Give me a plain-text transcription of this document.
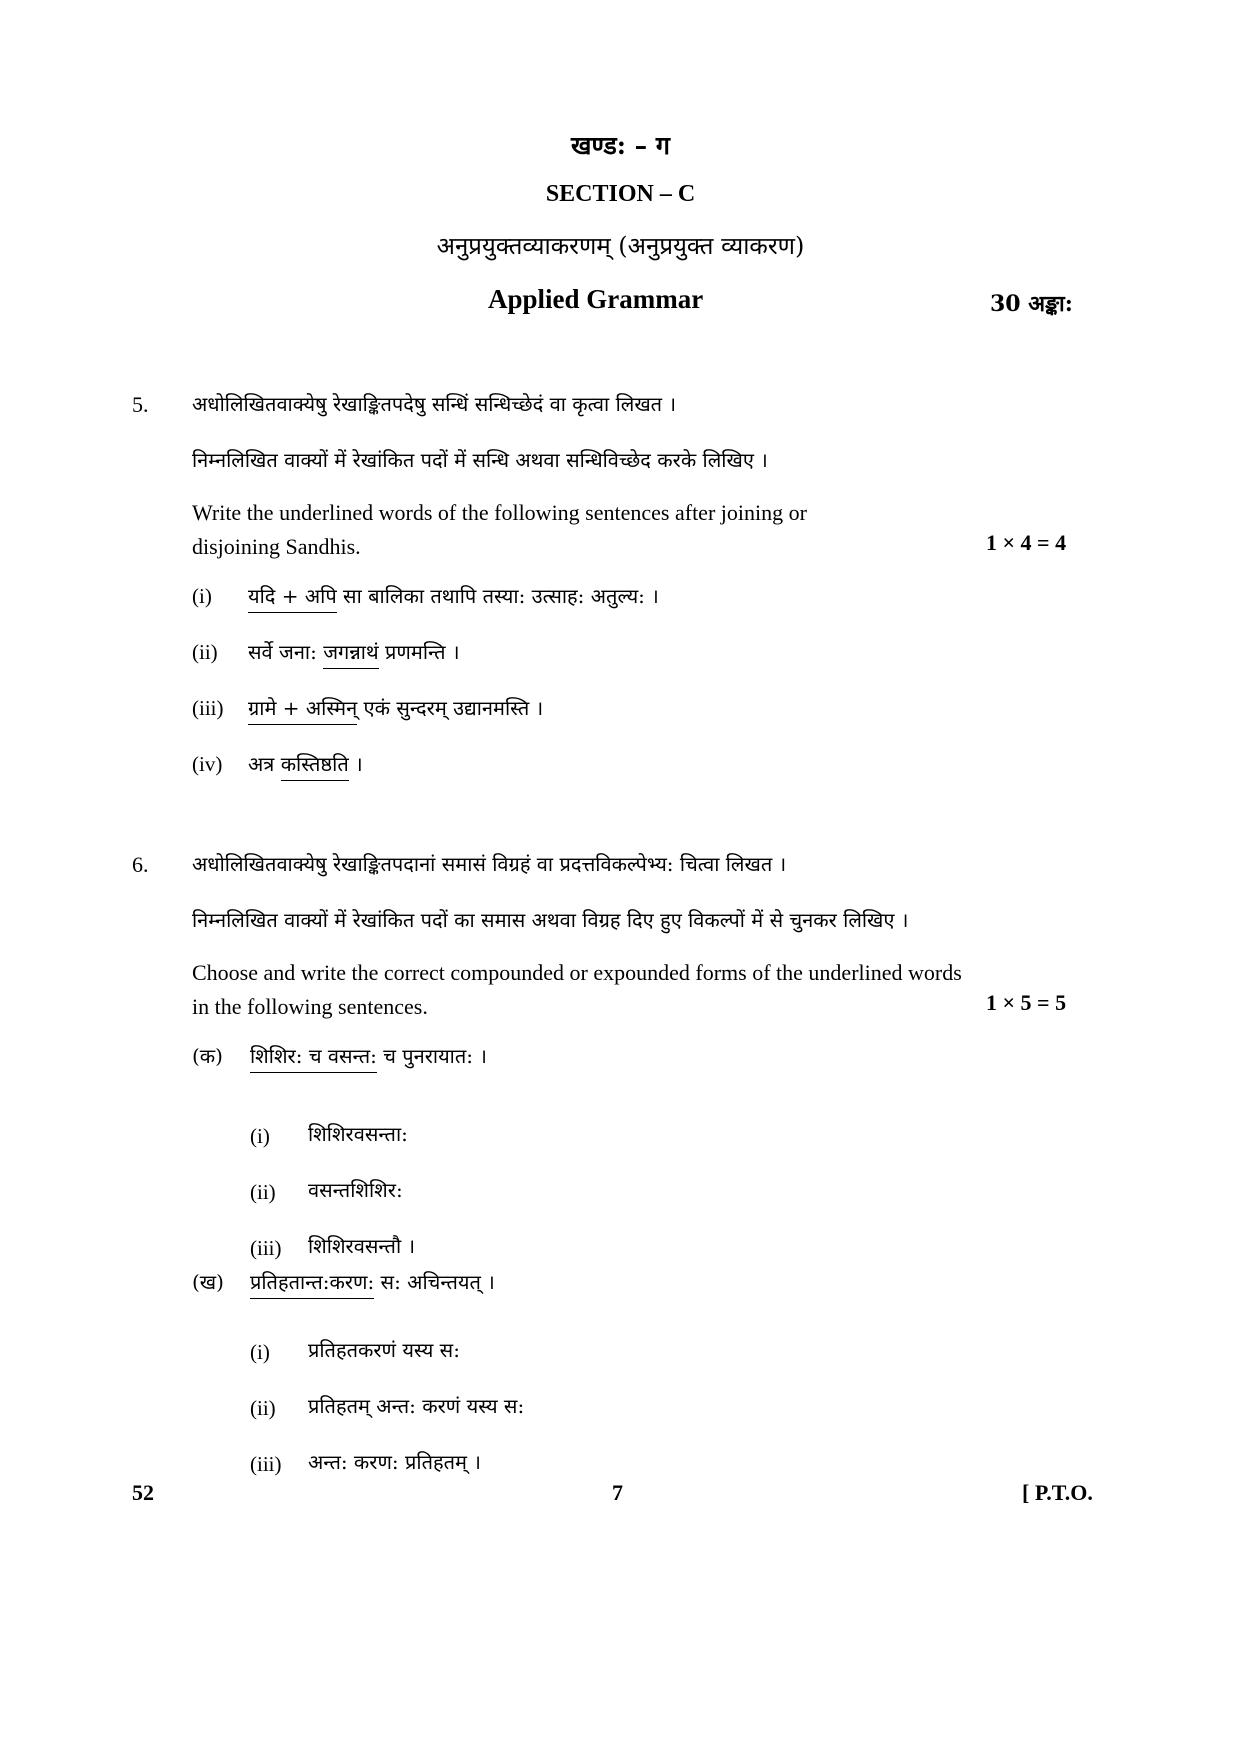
खण्ड: – ग
SECTION – C
अनुप्रयुक्तव्याकरणम् (अनुप्रयुक्त व्याकरण)
Applied Grammar	30 अङ्का:
5. अधोलिखितवाक्येषु रेखाङ्कितपदेषु सन्धिं सन्धिच्छेदं वा कृत्वा लिखत ।
निम्नलिखित वाक्यों में रेखांकित पदों में सन्धि अथवा सन्धिविच्छेद करके लिखिए ।
Write the underlined words of the following sentences after joining or
disjoining Sandhis.	1 × 4 = 4
(i) यदि + अपि सा बालिका तथापि तस्या: उत्साह: अतुल्य: ।
(ii) सर्वे जना: जगन्नाथं प्रणमन्ति ।
(iii) ग्रामे + अस्मिन् एकं सुन्दरम् उद्यानमस्ति ।
(iv) अत्र कस्तिष्ठति ।
6. अधोलिखितवाक्येषु रेखाङ्कितपदानां समासं विग्रहं वा प्रदत्तविकल्पेभ्य: चित्वा लिखत ।
निम्नलिखित वाक्यों में रेखांकित पदों का समास अथवा विग्रह दिए हुए विकल्पों में से चुनकर लिखिए ।
Choose and write the correct compounded or expounded forms of the underlined words
in the following sentences.	1 × 5 = 5
(क) शिशिर: च वसन्त: च पुनरायात: ।
(i) शिशिरवसन्ता:
(ii) वसन्तशिशिर:
(iii) शिशिरवसन्तौ ।
(ख) प्रतिहतान्त:करण: स: अचिन्तयत् ।
(i) प्रतिहतकरणं यस्य स:
(ii) प्रतिहतम् अन्त: करणं यस्य स:
(iii) अन्त: करण: प्रतिहतम् ।
52	7	[ P.T.O.
